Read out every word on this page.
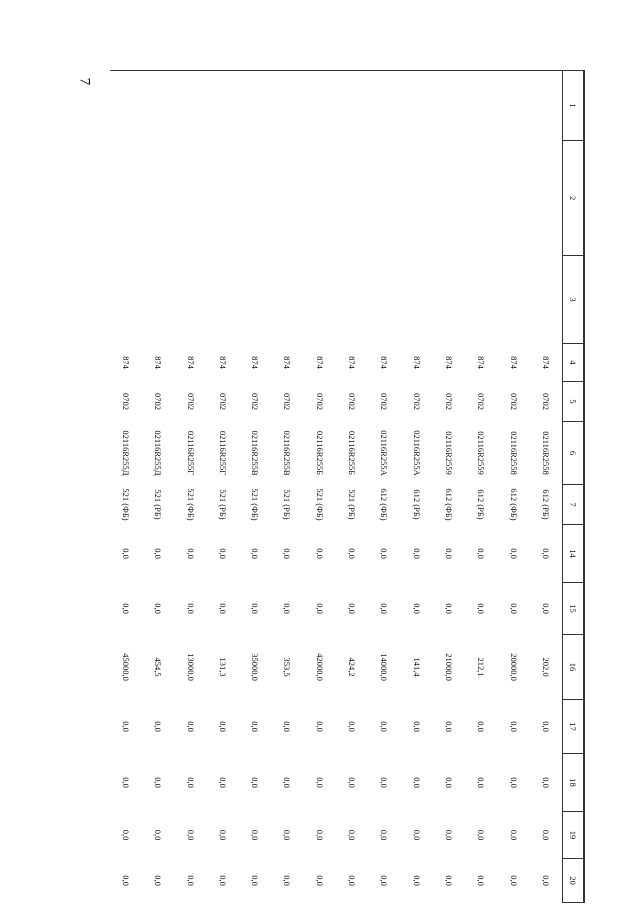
7
1	2	3	4	5	6	7	14	15	16	17	18	19	20
			874	0702	02116R2558	612 (РБ)	0,0	0,0	202,0	0,0	0,0	0,0	0,0
			874	0702	02116R2558	612 (ФБ)	0,0	0,0	20000,0	0,0	0,0	0,0	0,0
			874	0702	02116R2559	612 (РБ)	0,0	0,0	212,1	0,0	0,0	0,0	0,0
			874	0702	02116R2559	612 (ФБ)	0,0	0,0	21000,0	0,0	0,0	0,0	0,0
			874	0702	02116R255А	612 (РБ)	0,0	0,0	141,4	0,0	0,0	0,0	0,0
			874	0702	02116R255А	612 (ФБ)	0,0	0,0	14000,0	0,0	0,0	0,0	0,0
			874	0702	02116R255Б	521 (РБ)	0,0	0,0	424,2	0,0	0,0	0,0	0,0
			874	0702	02116R255Б	521 (ФБ)	0,0	0,0	42000,0	0,0	0,0	0,0	0,0
			874	0702	02116R255В	521 (РБ)	0,0	0,0	353,5	0,0	0,0	0,0	0,0
			874	0702	02116R255В	521 (ФБ)	0,0	0,0	35000,0	0,0	0,0	0,0	0,0
			874	0702	02116R255Г	521 (РБ)	0,0	0,0	131,3	0,0	0,0	0,0	0,0
			874	0702	02116R255Г	521 (ФБ)	0,0	0,0	13000,0	0,0	0,0	0,0	0,0
			874	0702	02116R255Д	521 (РБ)	0,0	0,0	454,5	0,0	0,0	0,0	0,0
			874	0702	02116R255Д	521 (ФБ)	0,0	0,0	45000,0	0,0	0,0	0,0	0,0
